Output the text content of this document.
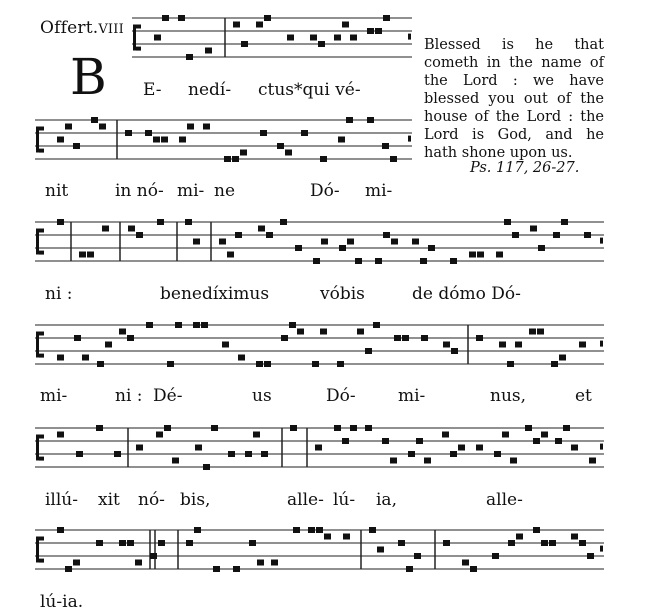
Offert.VIII
B
Blessed is he that cometh in the name of the Lord : we have blessed you out of the house of the Lord : the Lord is God, and he hath shone upon us.
Ps. 117, 26-27.
E- nedí- ctus*qui vé-
nit	in nó- mi- ne	Dó- mi-
ni :	benedíximus	vóbis	de dómo Dó-
mi-	ni : Dé-	us	Dó- mi-	nus,	et
illú- xit nó- bis,	alle- lú- ia,	alle-
lú-ia.
